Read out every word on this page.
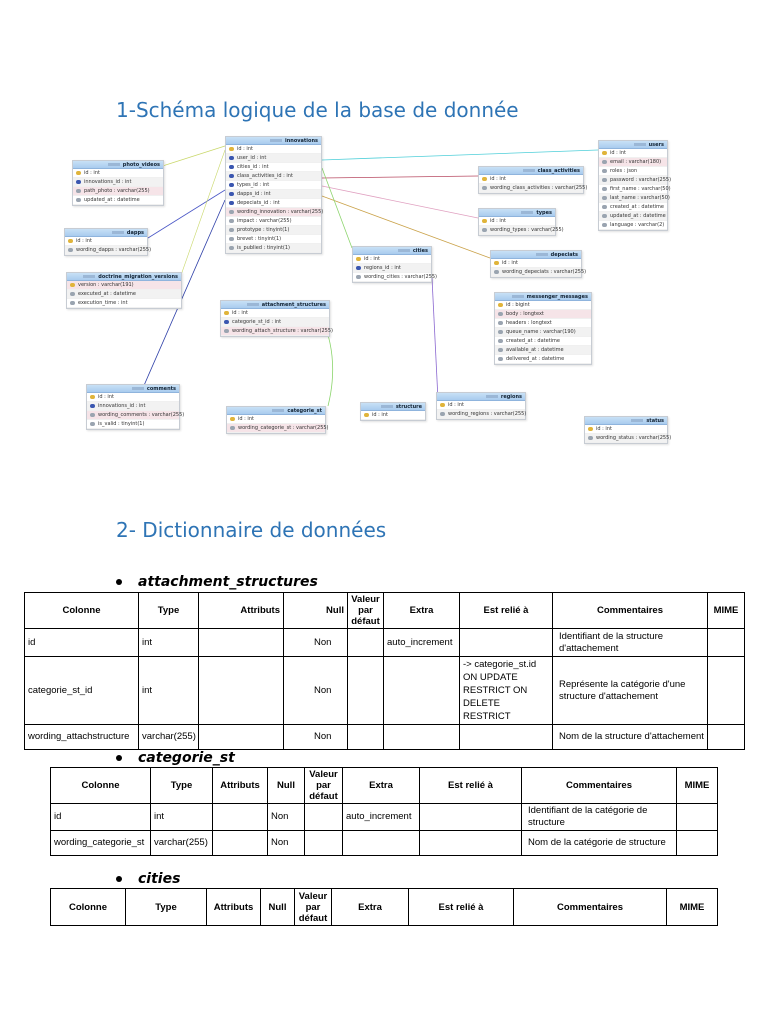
1-Schéma logique de la base de donnée
photo_videos
id : int
innovations_id : int
path_photo : varchar(255)
updated_at : datetime
innovations
id : int
user_id : int
cities_id : int
class_activities_id : int
types_id : int
dapps_id : int
depeciats_id : int
wording_innovation : varchar(255)
impact : varchar(255)
prototype : tinyint(1)
brevet : tinyint(1)
is_publied : tinyint(1)
users
id : int
email : varchar(180)
roles : json
password : varchar(255)
first_name : varchar(50)
last_name : varchar(50)
created_at : datetime
updated_at : datetime
language : varchar(2)
class_activities
id : int
wording_class_activities : varchar(255)
types
id : int
wording_types : varchar(255)
dapps
id : int
wording_dapps : varchar(255)	cities
id : int
regions_id : int
wording_cities : varchar(255)
depeciats
id : int
wording_depeciats : varchar(255)
doctrine_migration_versions
version : varchar(191)
executed_at : datetime
execution_time : int	attachment_structures
id : int
categorie_st_id : int
wording_attach_structure : varchar(255)
messenger_messages
id : bigint
body : longtext
headers : longtext
queue_name : varchar(190)
created_at : datetime
available_at : datetime
delivered_at : datetime
comments
id : int
innovations_id : int
wording_comments : varchar(255)
is_valid : tinyint(1)
categorie_st
id : int
wording_categorie_st : varchar(255)
structure
id : int
regions
id : int
wording_regions : varchar(255)
status
id : int
wording_status : varchar(255)
2- Dictionnaire de données
attachment_structures
Colonne	Type	Attributs	Null	Valeur par défaut	Extra	Est relié à	Commentaires	MIME
id	int		Non		auto_increment		Identifiant de la structure d'attachement	
categorie_st_id	int		Non			-> categorie_st.id ON UPDATE RESTRICT ON DELETE RESTRICT	Représente la catégorie d'une structure d'attachement	
wording_attachstructure	varchar(255)		Non				Nom de la structure d'attachement	
categorie_st
Colonne	Type	Attributs	Null	Valeur par défaut	Extra	Est relié à	Commentaires	MIME
id	int		Non		auto_increment		Identifiant de la catégorie de structure	
wording_categorie_st	varchar(255)		Non				Nom de la catégorie de structure	
cities
Colonne	Type	Attributs	Null	Valeur par défaut	Extra	Est relié à	Commentaires	MIME
